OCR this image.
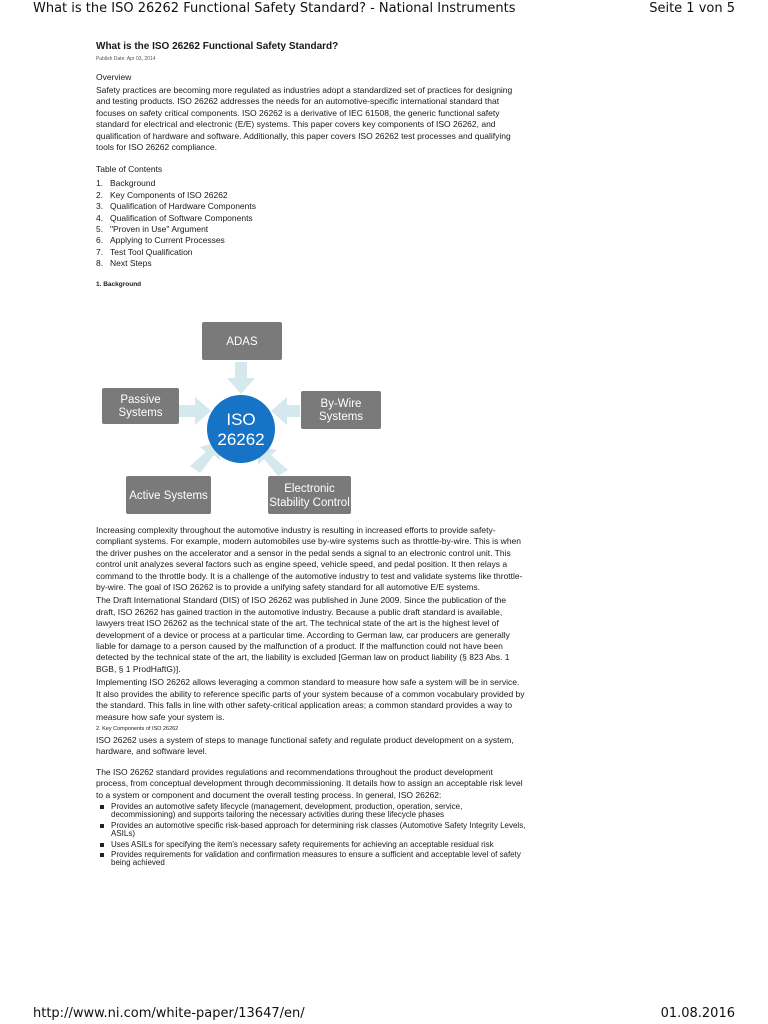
What is the ISO 26262 Functional Safety Standard? - National Instruments	Seite 1 von 5
What is the ISO 26262 Functional Safety Standard?

Publish Date: Apr 03, 2014

Overview

Safety practices are becoming more regulated as industries adopt a standardized set of practices for designing and testing products. ISO 26262 addresses the needs for an automotive-specific international standard that focuses on safety critical components. ISO 26262 is a derivative of IEC 61508, the generic functional safety standard for electrical and electronic (E/E) systems. This paper covers key components of ISO 26262, and qualification of hardware and software. Additionally, this paper covers ISO 26262 test processes and qualifying tools for ISO 26262 compliance.

Table of Contents

1. Background
2. Key Components of ISO 26262
3. Qualification of Hardware Components
4. Qualification of Software Components
5. "Proven in Use" Argument
6. Applying to Current Processes
7. Test Tool Qualification
8. Next Steps

1. Background

ADAS
Passive
Systems
By-Wire
Systems
Active Systems
Electronic
Stability Control
ISO
26262

Increasing complexity throughout the automotive industry is resulting in increased efforts to provide safety-compliant systems. For example, modern automobiles use by-wire systems such as throttle-by-wire. This is when the driver pushes on the accelerator and a sensor in the pedal sends a signal to an electronic control unit. This control unit analyzes several factors such as engine speed, vehicle speed, and pedal position. It then relays a command to the throttle body. It is a challenge of the automotive industry to test and validate systems like throttle-by-wire. The goal of ISO 26262 is to provide a unifying safety standard for all automotive E/E systems.

The Draft International Standard (DIS) of ISO 26262 was published in June 2009. Since the publication of the draft, ISO 26262 has gained traction in the automotive industry. Because a public draft standard is available, lawyers treat ISO 26262 as the technical state of the art. The technical state of the art is the highest level of development of a device or process at a particular time. According to German law, car producers are generally liable for damage to a person caused by the malfunction of a product. If the malfunction could not have been detected by the technical state of the art, the liability is excluded [German law on product liability (§ 823 Abs. 1 BGB, § 1 ProdHaftG)].

Implementing ISO 26262 allows leveraging a common standard to measure how safe a system will be in service. It also provides the ability to reference specific parts of your system because of a common vocabulary provided by the standard. This falls in line with other safety-critical application areas; a common standard provides a way to measure how safe your system is.

2. Key Components of ISO 26262

ISO 26262 uses a system of steps to manage functional safety and regulate product development on a system, hardware, and software level.

The ISO 26262 standard provides regulations and recommendations throughout the product development process, from conceptual development through decommissioning. It details how to assign an acceptable risk level to a system or component and document the overall testing process. In general, ISO 26262:

Provides an automotive safety lifecycle (management, development, production, operation, service, decommissioning) and supports tailoring the necessary activities during these lifecycle phases
Provides an automotive specific risk-based approach for determining risk classes (Automotive Safety Integrity Levels, ASILs)
Uses ASILs for specifying the item's necessary safety requirements for achieving an acceptable residual risk
Provides requirements for validation and confirmation measures to ensure a sufficient and acceptable level of safety being achieved
http://www.ni.com/white-paper/13647/en/	01.08.2016
